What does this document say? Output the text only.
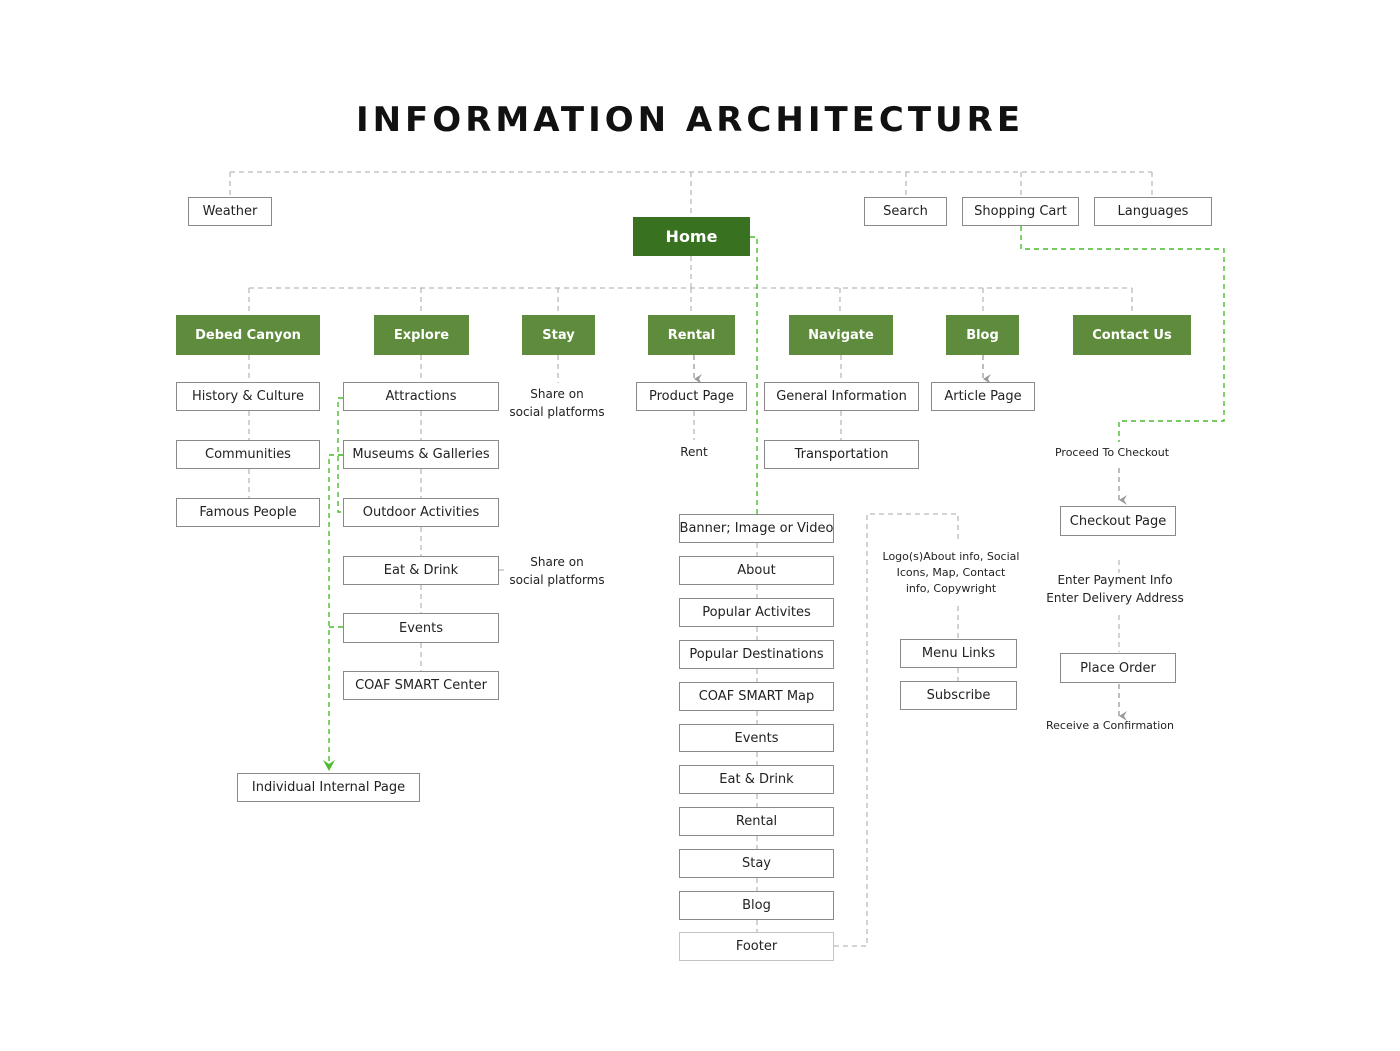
INFORMATION ARCHITECTURE
Weather	Search	Shopping Cart	Languages
Home
Debed Canyon	Explore	Stay	Rental	Navigate	Blog	Contact Us
History & Culture
Communities
Famous People
Attractions
Museums & Galleries
Outdoor Activities
Eat & Drink
Events
COAF SMART Center
Individual Internal Page
Share on
social platforms
Share on
social platforms
Product Page
Rent
General Information
Transportation
Article Page
Banner; Image or Video
About
Popular Activites
Popular Destinations
COAF SMART Map
Events
Eat & Drink
Rental
Stay
Blog
Footer
Logo(s)About info, Social
Icons, Map, Contact
info, Copywright
Menu Links
Subscribe
Proceed To Checkout
Checkout Page
Enter Payment Info
Enter Delivery Address
Place Order
Receive a Confirmation
